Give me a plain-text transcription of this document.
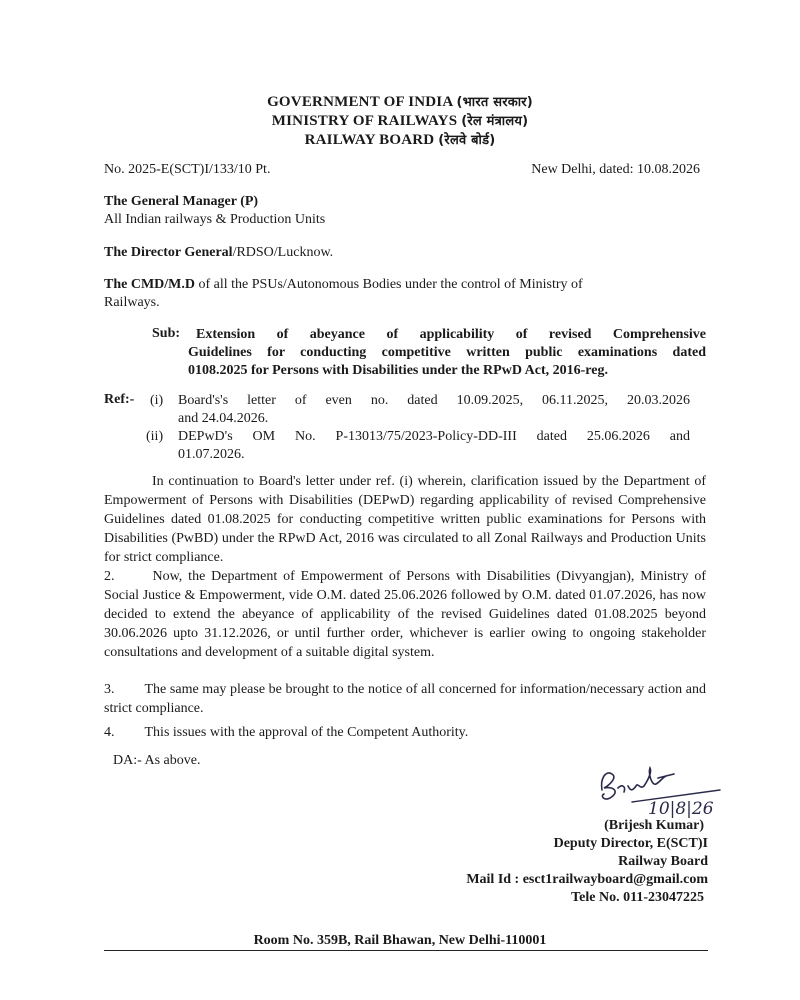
GOVERNMENT OF INDIA (भारत सरकार)
MINISTRY OF RAILWAYS (रेल मंत्रालय)
RAILWAY BOARD (रेलवे बोर्ड)
No. 2025-E(SCT)I/133/10 Pt.	New Delhi, dated: 10.08.2026
The General Manager (P)
All Indian railways & Production Units
The Director General/RDSO/Lucknow.
The CMD/M.D of all the PSUs/Autonomous Bodies under the control of Ministry of
Railways.
Sub: Extension of abeyance of applicability of revised Comprehensive
Guidelines for conducting competitive written public examinations dated
0108.2025 for Persons with Disabilities under the RPwD Act, 2016-reg.
Ref:- (i) Board's's letter of even no. dated 10.09.2025, 06.11.2025, 20.03.2026
and 24.04.2026.
(ii) DEPwD's OM No. P-13013/75/2023-Policy-DD-III dated 25.06.2026 and
01.07.2026.
In continuation to Board's letter under ref. (i) wherein, clarification issued by the Department of Empowerment of Persons with Disabilities (DEPwD) regarding applicability of revised Comprehensive Guidelines dated 01.08.2025 for conducting competitive written public examinations for Persons with Disabilities (PwBD) under the RPwD Act, 2016 was circulated to all Zonal Railways and Production Units for strict compliance.
2.	Now, the Department of Empowerment of Persons with Disabilities (Divyangjan), Ministry of Social Justice & Empowerment, vide O.M. dated 25.06.2026 followed by O.M. dated 01.07.2026, has now decided to extend the abeyance of applicability of the revised Guidelines dated 01.08.2025 beyond 30.06.2026 upto 31.12.2026, or until further order, whichever is earlier owing to ongoing stakeholder consultations and development of a suitable digital system.
3. The same may please be brought to the notice of all concerned for information/necessary action and strict compliance.
4. This issues with the approval of the Competent Authority.
DA:- As above.
10|8|26
(Brijesh Kumar)
Deputy Director, E(SCT)I
Railway Board
Mail Id : esct1railwayboard@gmail.com
Tele No. 011-23047225
Room No. 359B, Rail Bhawan, New Delhi-110001
